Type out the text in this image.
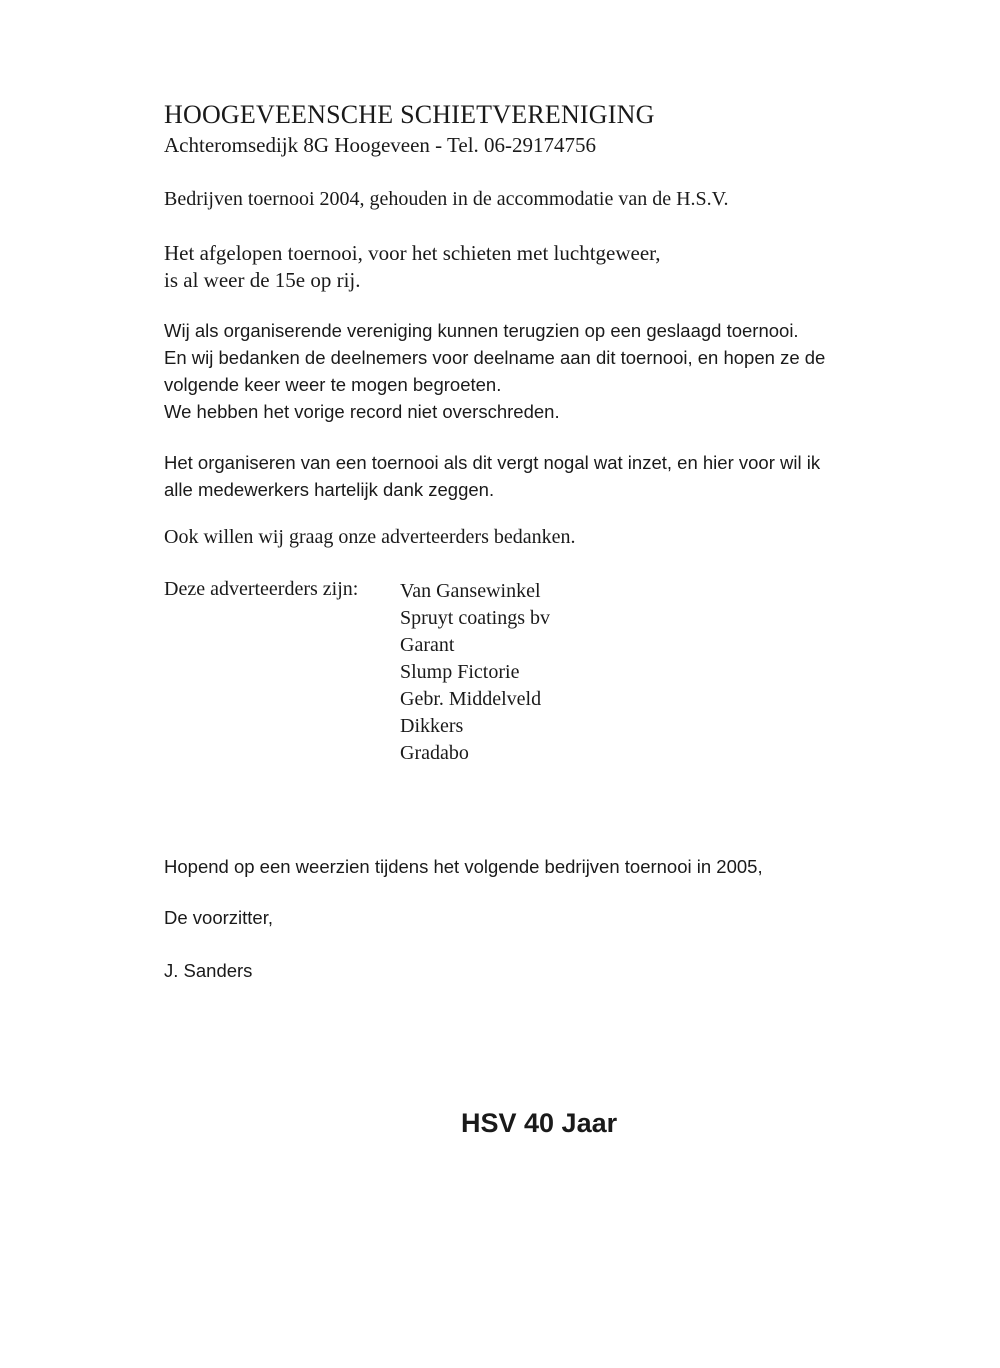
HOOGEVEENSCHE SCHIETVERENIGING
Achteromsedijk 8G Hoogeveen - Tel. 06-29174756

Bedrijven toernooi 2004, gehouden in de accommodatie van de H.S.V.

Het afgelopen toernooi, voor het schieten met luchtgeweer,
is al weer de 15e op rij.

Wij als organiserende vereniging kunnen terugzien op een geslaagd toernooi.
En wij bedanken de deelnemers voor deelname aan dit toernooi, en hopen ze de
volgende keer weer te mogen begroeten.
We hebben het vorige record niet overschreden.

Het organiseren van een toernooi als dit vergt nogal wat inzet, en hier voor wil ik
alle medewerkers hartelijk dank zeggen.

Ook willen wij graag onze adverteerders bedanken.

Deze adverteerders zijn: Van Gansewinkel
Spruyt coatings bv
Garant
Slump Fictorie
Gebr. Middelveld
Dikkers
Gradabo

Hopend op een weerzien tijdens het volgende bedrijven toernooi in 2005,

De voorzitter,

J. Sanders

HSV 40 Jaar
